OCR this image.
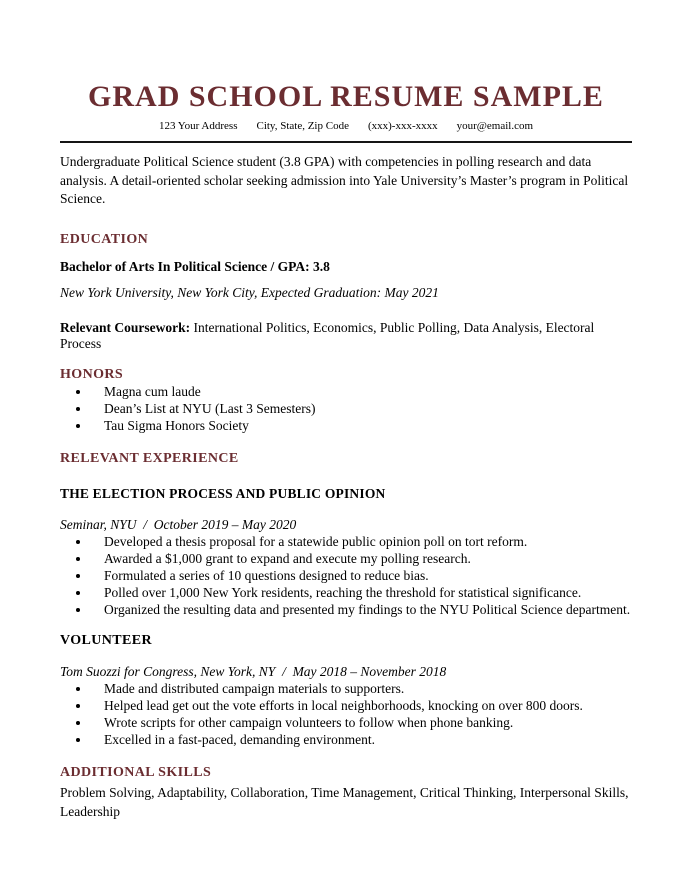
GRAD SCHOOL RESUME SAMPLE
123 Your Address City, State, Zip Code (xxx)-xxx-xxxx your@email.com

Undergraduate Political Science student (3.8 GPA) with competencies in polling research and data analysis. A detail-oriented scholar seeking admission into Yale University’s Master’s program in Political Science.

EDUCATION
Bachelor of Arts In Political Science / GPA: 3.8
New York University, New York City, Expected Graduation: May 2021
Relevant Coursework: International Politics, Economics, Public Polling, Data Analysis, Electoral Process
HONORS
• Magna cum laude
• Dean’s List at NYU (Last 3 Semesters)
• Tau Sigma Honors Society
RELEVANT EXPERIENCE
THE ELECTION PROCESS AND PUBLIC OPINION
Seminar, NYU  /  October 2019 – May 2020
• Developed a thesis proposal for a statewide public opinion poll on tort reform.
• Awarded a $1,000 grant to expand and execute my polling research.
• Formulated a series of 10 questions designed to reduce bias.
• Polled over 1,000 New York residents, reaching the threshold for statistical significance.
• Organized the resulting data and presented my findings to the NYU Political Science department.
VOLUNTEER
Tom Suozzi for Congress, New York, NY  /  May 2018 – November 2018
• Made and distributed campaign materials to supporters.
• Helped lead get out the vote efforts in local neighborhoods, knocking on over 800 doors.
• Wrote scripts for other campaign volunteers to follow when phone banking.
• Excelled in a fast-paced, demanding environment.
ADDITIONAL SKILLS
Problem Solving, Adaptability, Collaboration, Time Management, Critical Thinking, Interpersonal Skills, Leadership
